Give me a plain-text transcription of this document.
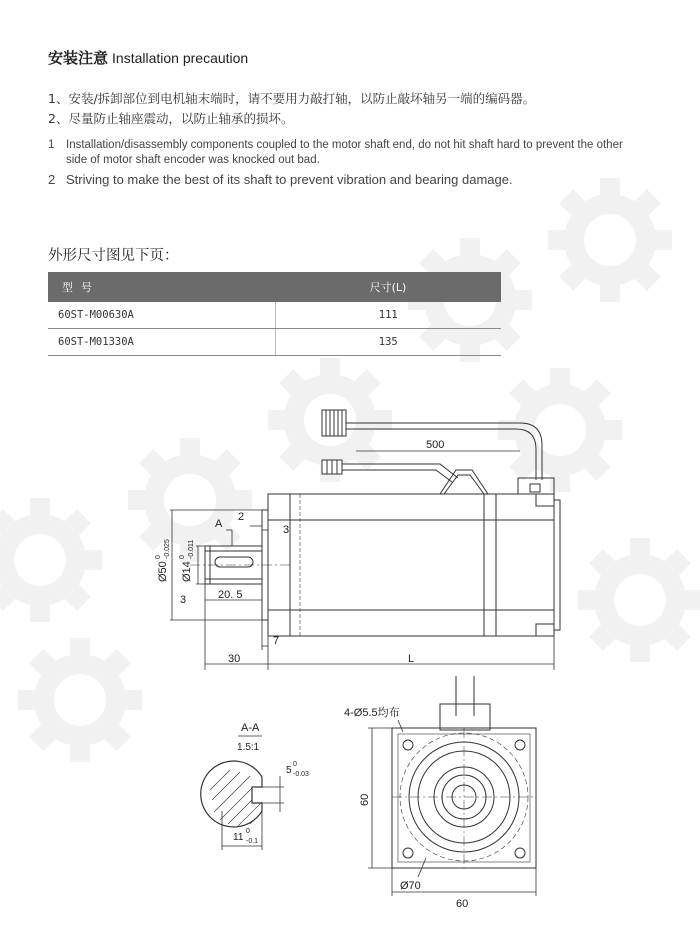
安装注意 Installation precaution
1、安装/拆卸部位到电机轴末端时，请不要用力敲打轴，以防止敲坏轴另一端的编码器。
2、尽量防止轴座震动，以防止轴承的损坏。
1 Installation/disassembly components coupled to the motor shaft end, do not hit shaft hard to prevent the other
side of motor shaft encoder was knocked out bad.
2 Striving to make the best of its shaft to prevent vibration and bearing damage.
外形尺寸图见下页：
型号	尺寸(L)
60ST-M00630A	111
60ST-M01330A	135
500
A
2
3
3	20. 5
7
30	L
Ø50
0 -0.025
Ø14
0 -0.011
A-A
1.5:1
5
0
-0.03
11
0
-0.1
4-Ø5.5均布
60
Ø70
60
